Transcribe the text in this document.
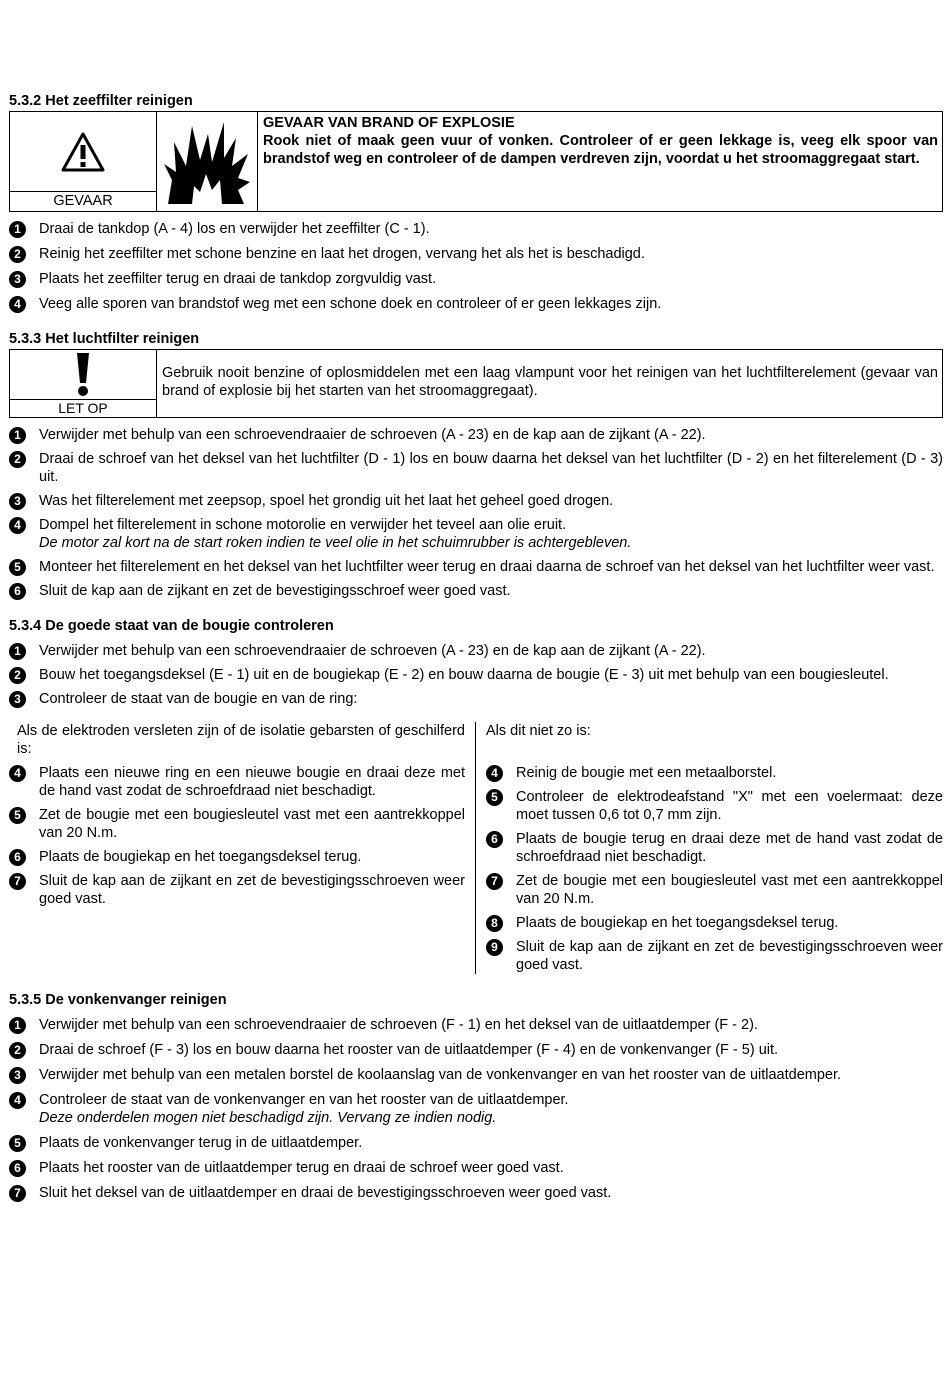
5.3.2 Het zeeffilter reinigen
GEVAAR
GEVAAR VAN BRAND OF EXPLOSIE
Rook niet of maak geen vuur of vonken. Controleer of er geen lekkage is, veeg elk spoor van brandstof weg en controleer of de dampen verdreven zijn, voordat u het stroomaggregaat start.
1	Draai de tankdop (A - 4) los en verwijder het zeeffilter (C - 1).
2	Reinig het zeeffilter met schone benzine en laat het drogen, vervang het als het is beschadigd.
3	Plaats het zeeffilter terug en draai de tankdop zorgvuldig vast.
4	Veeg alle sporen van brandstof weg met een schone doek en controleer of er geen lekkages zijn.
5.3.3 Het luchtfilter reinigen
LET OP
Gebruik nooit benzine of oplosmiddelen met een laag vlampunt voor het reinigen van het luchtfilterelement (gevaar van brand of explosie bij het starten van het stroomaggregaat).
1	Verwijder met behulp van een schroevendraaier de schroeven (A - 23) en de kap aan de zijkant (A - 22).
2	Draai de schroef van het deksel van het luchtfilter (D - 1) los en bouw daarna het deksel van het luchtfilter (D - 2) en het filterelement (D - 3) uit.
3	Was het filterelement met zeepsop, spoel het grondig uit het laat het geheel goed drogen.
4	Dompel het filterelement in schone motorolie en verwijder het teveel aan olie eruit.
De motor zal kort na de start roken indien te veel olie in het schuimrubber is achtergebleven.
5	Monteer het filterelement en het deksel van het luchtfilter weer terug en draai daarna de schroef van het deksel van het luchtfilter weer vast.
6	Sluit de kap aan de zijkant en zet de bevestigingsschroef weer goed vast.
5.3.4 De goede staat van de bougie controleren
1	Verwijder met behulp van een schroevendraaier de schroeven (A - 23) en de kap aan de zijkant (A - 22).
2	Bouw het toegangsdeksel (E - 1) uit en de bougiekap (E - 2) en bouw daarna de bougie (E - 3) uit met behulp van een bougiesleutel.
3	Controleer de staat van de bougie en van de ring:
Als de elektroden versleten zijn of de isolatie gebarsten of geschilferd is:
4	Plaats een nieuwe ring en een nieuwe bougie en draai deze met de hand vast zodat de schroefdraad niet beschadigt.
5	Zet de bougie met een bougiesleutel vast met een aantrekkoppel van 20 N.m.
6	Plaats de bougiekap en het toegangsdeksel terug.
7	Sluit de kap aan de zijkant en zet de bevestigingsschroeven weer goed vast.
Als dit niet zo is:
4	Reinig de bougie met een metaalborstel.
5	Controleer de elektrodeafstand "X" met een voelermaat: deze moet tussen 0,6 tot 0,7 mm zijn.
6	Plaats de bougie terug en draai deze met de hand vast zodat de schroefdraad niet beschadigt.
7	Zet de bougie met een bougiesleutel vast met een aantrekkoppel van 20 N.m.
8	Plaats de bougiekap en het toegangsdeksel terug.
9	Sluit de kap aan de zijkant en zet de bevestigingsschroeven weer goed vast.
5.3.5 De vonkenvanger reinigen
1	Verwijder met behulp van een schroevendraaier de schroeven (F - 1) en het deksel van de uitlaatdemper (F - 2).
2	Draai de schroef (F - 3) los en bouw daarna het rooster van de uitlaatdemper (F - 4) en de vonkenvanger (F - 5) uit.
3	Verwijder met behulp van een metalen borstel de koolaanslag van de vonkenvanger en van het rooster van de uitlaatdemper.
4	Controleer de staat van de vonkenvanger en van het rooster van de uitlaatdemper.
Deze onderdelen mogen niet beschadigd zijn. Vervang ze indien nodig.
5	Plaats de vonkenvanger terug in de uitlaatdemper.
6	Plaats het rooster van de uitlaatdemper terug en draai de schroef weer goed vast.
7	Sluit het deksel van de uitlaatdemper en draai de bevestigingsschroeven weer goed vast.
